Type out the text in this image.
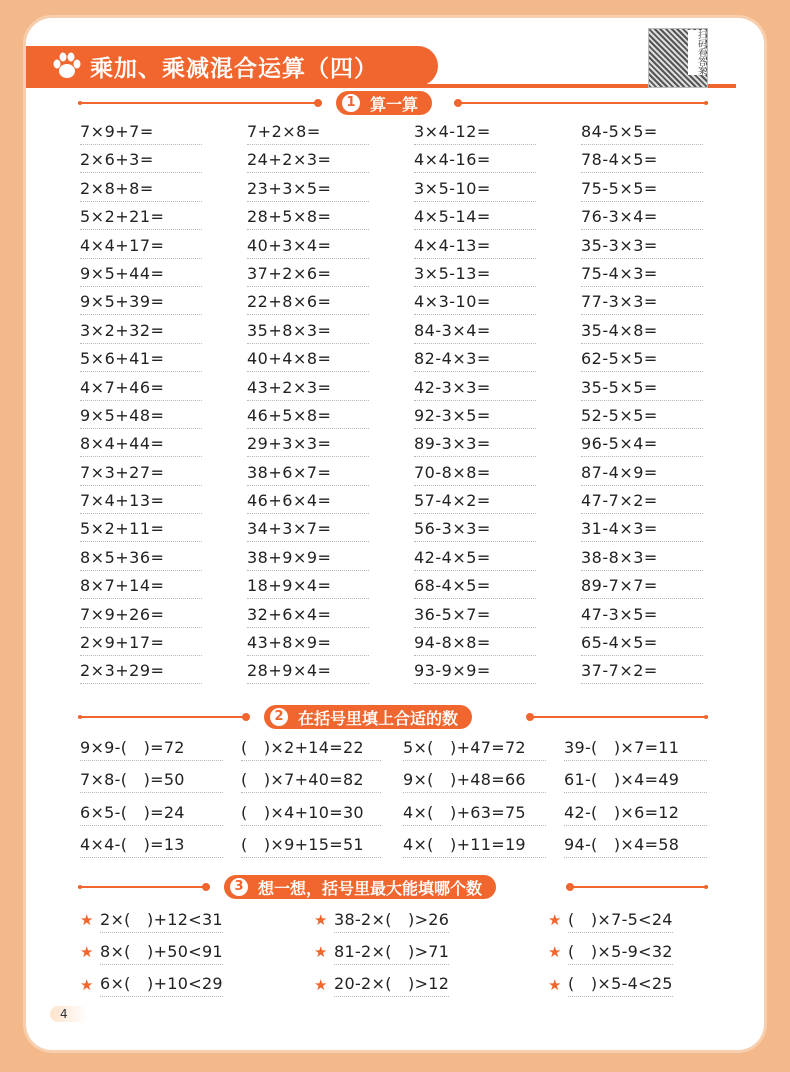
乘加、乘减混合运算（四）	扫码看答案
1 算一算
7×9+7=	7+2×8=	3×4-12=	84-5×5=
2×6+3=	24+2×3=	4×4-16=	78-4×5=
2×8+8=	23+3×5=	3×5-10=	75-5×5=
5×2+21=	28+5×8=	4×5-14=	76-3×4=
4×4+17=	40+3×4=	4×4-13=	35-3×3=
9×5+44=	37+2×6=	3×5-13=	75-4×3=
9×5+39=	22+8×6=	4×3-10=	77-3×3=
3×2+32=	35+8×3=	84-3×4=	35-4×8=
5×6+41=	40+4×8=	82-4×3=	62-5×5=
4×7+46=	43+2×3=	42-3×3=	35-5×5=
9×5+48=	46+5×8=	92-3×5=	52-5×5=
8×4+44=	29+3×3=	89-3×3=	96-5×4=
7×3+27=	38+6×7=	70-8×8=	87-4×9=
7×4+13=	46+6×4=	57-4×2=	47-7×2=
5×2+11=	34+3×7=	56-3×3=	31-4×3=
8×5+36=	38+9×9=	42-4×5=	38-8×3=
8×7+14=	18+9×4=	68-4×5=	89-7×7=
7×9+26=	32+6×4=	36-5×7=	47-3×5=
2×9+17=	43+8×9=	94-8×8=	65-4×5=
2×3+29=	28+9×4=	93-9×9=	37-7×2=
2 在括号里填上合适的数
9×9-(　)=72	(　)×2+14=22	5×(　)+47=72	39-(　)×7=11
7×8-(　)=50	(　)×7+40=82	9×(　)+48=66	61-(　)×4=49
6×5-(　)=24	(　)×4+10=30	4×(　)+63=75	42-(　)×6=12
4×4-(　)=13	(　)×9+15=51	4×(　)+11=19	94-(　)×4=58
3 想一想，括号里最大能填哪个数
★ 2×(　)+12<31	★ 38-2×(　)>26	★ (　)×7-5<24
★ 8×(　)+50<91	★ 81-2×(　)>71	★ (　)×5-9<32
★ 6×(　)+10<29	★ 20-2×(　)>12	★ (　)×5-4<25
4
